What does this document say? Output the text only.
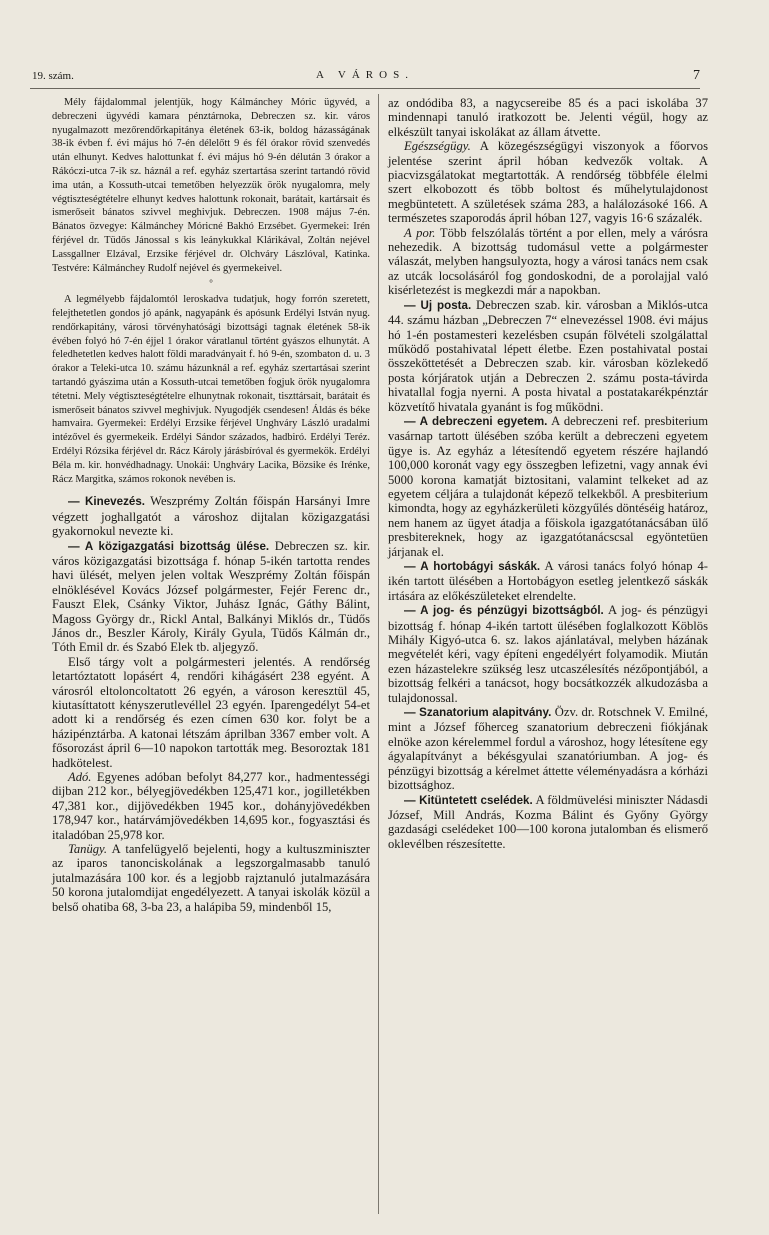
19. szám.	A VÁROS.	7

Mély fájdalommal jelentjük, hogy Kálmánchey Móric ügyvéd, a debreczeni ügyvédi kamara pénztárnoka, Debreczen sz. kir. város nyugalmazott mezőrendőrkapitánya életének 63-ik, boldog házasságának 38-ik évben f. évi május hó 7-én délelőtt 9 és fél órakor rövid szenvedés után elhunyt. Kedves halottunkat f. évi május hó 9-én délután 3 órakor a Rákóczi-utca 7-ik sz. háznál a ref. egyház szertartása szerint tartandó rövid ima után, a Kossuth-utcai temetőben helyezzük örök nyugalomra, mely végtiszteségtételre elhunyt kedves halottunk rokonait, barátait, kartársait és ismerőseit bánatos szivvel meghivjuk. Debreczen. 1908 május 7-én. Bánatos özvegye: Kálmánchey Móricné Bakhó Erzsébet. Gyermekei: Irén férjével dr. Tüdős Jánossal s kis leánykukkal Klárikával, Zoltán nejével Lassgallner Elzával, Erzsike férjével dr. Olchváry Lászlóval, Katinka. Testvére: Kálmánchey Rudolf nejével és gyermekeivel.

°

A legmélyebb fájdalomtól leroskadva tudatjuk, hogy forrón szeretett, felejthetetlen gondos jó apánk, nagyapánk és apósunk Erdélyi István nyug. rendőrkapitány, városi törvényhatósági bizottsági tagnak életének 58-ik évében folyó hó 7-én éjjel 1 órakor váratlanul történt gyászos elhunytát. A feledhetetlen kedves halott földi maradványait f. hó 9-én, szombaton d. u. 3 órakor a Teleki-utca 10. számu házunknál a ref. egyház szertartásai szerint tartandó gyászima után a Kossuth-utcai temetőben fogjuk örök nyugalomra tétetni. Mely végtiszteségtételre elhunytnak rokonait, tiszttársait, barátait és ismerőseit bánatos szivvel meghivjuk. Nyugodjék csendesen! Áldás és béke hamvaira. Gyermekei: Erdélyi Erzsike férjével Unghváry László uradalmi intézővel és gyermekeik. Erdélyi Sándor százados, hadbiró. Erdélyi Teréz. Erdélyi Rózsika férjével dr. Rácz Károly járásbíróval és gyermekök. Erdélyi Béla m. kir. honvédhadnagy. Unokái: Unghváry Lacika, Bözsike és Irénke, Rácz Margitka, számos rokonok nevében is.

— Kinevezés. Weszprémy Zoltán főispán Harsányi Imre végzett joghallgatót a városhoz dijtalan közigazgatási gyakornokul nevezte ki.

— A közigazgatási bizottság ülése. Debreczen sz. kir. város közigazgatási bizottsága f. hónap 5-ikén tartotta rendes havi ülését, melyen jelen voltak Weszprémy Zoltán főispán elnöklésével Kovács József polgármester, Fejér Ferenc dr., Fauszt Elek, Csánky Viktor, Juhász Ignác, Gáthy Bálint, Magoss György dr., Rickl Antal, Balkányi Miklós dr., Tüdős János dr., Beszler Károly, Király Gyula, Tüdős Kálmán dr., Tóth Emil dr. és Szabó Elek tb. aljegyző.

Első tárgy volt a polgármesteri jelentés. A rendőrség letartóztatott lopásért 4, rendőri kihágásért 238 egyént. A városról eltoloncoltatott 26 egyén, a városon keresztül 45, kiutasíttatott kényszerutlevéllel 23 egyén. Iparengedélyt 54-et adott ki a rendőrség és ezen címen 630 kor. folyt be a házipénztárba. A katonai létszám áprilban 3367 ember volt. A fősorozást ápril 6—10 napokon tartották meg. Besoroztak 181 hadkötelest.

Adó. Egyenes adóban befolyt 84,277 kor., hadmentességi dijban 212 kor., bélyegjövedékben 125,471 kor., jogilletékben 47,381 kor., dijjövedékben 1945 kor., dohányjövedékben 178,947 kor., határvámjövedékben 14,695 kor., fogyasztási és italadóban 25,978 kor.

Tanügy. A tanfelügyelő bejelenti, hogy a kultuszminiszter az iparos tanonciskolának a legszorgalmasabb tanuló jutalmazására 100 kor. és a legjobb rajztanuló jutalmazására 50 korona jutalomdijat engedélyezett. A tanyai iskolák közül a belső ohatiba 68, 3-ba 23, a halápiba 59, mindenből 15,

az ondódiba 83, a nagycsereibe 85 és a paci iskolába 37 mindennapi tanuló iratkozott be. Jelenti végül, hogy az elkészült tanyai iskolákat az állam átvette.

Egészségügy. A közegészségügyi viszonyok a főorvos jelentése szerint ápril hóban kedvezők voltak. A piacvizsgálatokat megtartották. A rendőrség többféle élelmi szert elkobozott és több boltost és műhelytulajdonost megbüntetett. A születések száma 283, a halálozásoké 166. A természetes szaporodás ápril hóban 127, vagyis 16·6 százalék.

A por. Több felszólalás történt a por ellen, mely a várósra nehezedik. A bizottság tudomásul vette a polgármester válaszát, melyben hangsulyozta, hogy a városi tanács nem csak az utcák locsolásáról fog gondoskodni, de a porolajjal való kisérletezést is megkezdi már a napokban.

— Uj posta. Debreczen szab. kir. városban a Miklós-utca 44. számu házban „Debreczen 7“ elnevezéssel 1908. évi május hó 1-én postamesteri kezelésben csupán fölvételi szolgálattal működő postahivatal lépett életbe. Ezen postahivatal postai összeköttetését a Debreczen szab. kir. városban közlekedő posta kórjáratok utján a Debreczen 2. számu posta-távirda hivatallal fogja nyerni. A posta hivatal a postatakarékpénztár közvetítő hivatala gyanánt is fog működni.

— A debreczeni egyetem. A debreczeni ref. presbiterium vasárnap tartott ülésében szóba került a debreczeni egyetem ügye is. Az egyház a létesítendő egyetem részére hajlandó 100,000 koronát vagy egy összegben lefizetni, vagy annak évi 5000 korona kamatját biztositani, valamint telkeket ad az egyetem céljára a tulajdonát képező telkekből. A presbiterium kimondta, hogy az egyházkerületi közgyűlés döntéséig határoz, nem hanem az ügyet átadja a főiskola igazgatótanácsában ülő presbitereknek, hogy az igazgatótanácscsal egyöntetüen járjanak el.

— A hortobágyi sáskák. A városi tanács folyó hónap 4-ikén tartott ülésében a Hortobágyon esetleg jelentkező sáskák irtására az előkészületeket elrendelte.

— A jog- és pénzügyi bizottságból. A jog- és pénzügyi bizottság f. hónap 4-ikén tartott ülésében foglalkozott Köblös Mihály Kigyó-utca 6. sz. lakos ajánlatával, melyben házának megvételét kéri, vagy építeni engedélyért folyamodik. Miután ezen házastelekre szükség lesz utcaszélesítés nézőpontjából, a bizottság felkéri a tanácsot, hogy bocsátkozzék alkudozásba a tulajdonossal.

— Szanatorium alapitvány. Özv. dr. Rotschnek V. Emilné, mint a József főherceg szanatorium debreczeni fiókjának elnöke azon kérelemmel fordul a városhoz, hogy létesítene egy ágyalapítványt a békésgyulai szanatóriumban. A jog- és pénzügyi bizottság a kérelmet áttette véleményadásra a kórházi bizottsághoz.

— Kitüntetett cselédek. A földmüvelési miniszter Nádasdi József, Mill András, Kozma Bálint és Győny György gazdasági cselédeket 100—100 korona jutalomban és elismerő oklevélben részesítette.
